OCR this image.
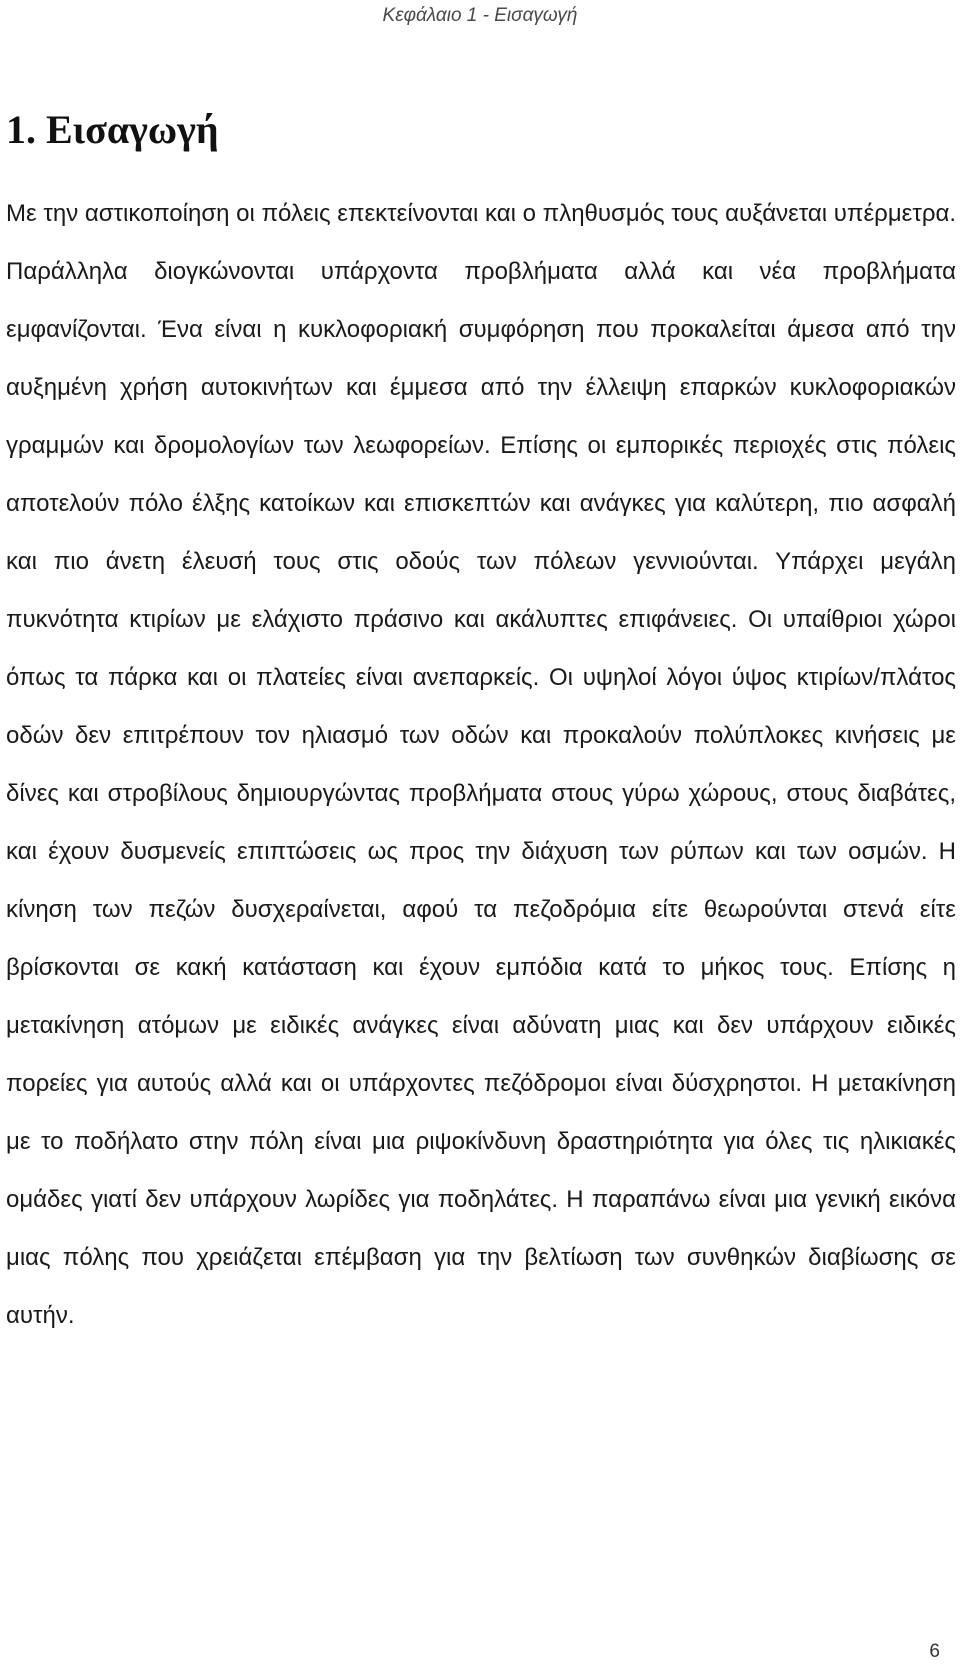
Κεφάλαιο 1 - Εισαγωγή
1. Εισαγωγή

Με την αστικοποίηση οι πόλεις επεκτείνονται και ο πληθυσμός τους αυξάνεται υπέρμετρα. Παράλληλα διογκώνονται υπάρχοντα προβλήματα αλλά και νέα προβλήματα εμφανίζονται. Ένα είναι η κυκλοφοριακή συμφόρηση που προκαλείται άμεσα από την αυξημένη χρήση αυτοκινήτων και έμμεσα από την έλλειψη επαρκών κυκλοφοριακών γραμμών και δρομολογίων των λεωφορείων. Επίσης οι εμπορικές περιοχές στις πόλεις αποτελούν πόλο έλξης κατοίκων και επισκεπτών και ανάγκες για καλύτερη, πιο ασφαλή και πιο άνετη έλευσή τους στις οδούς των πόλεων γεννιούνται. Υπάρχει μεγάλη πυκνότητα κτιρίων με ελάχιστο πράσινο και ακάλυπτες επιφάνειες. Οι υπαίθριοι χώροι όπως τα πάρκα και οι πλατείες είναι ανεπαρκείς. Οι υψηλοί λόγοι ύψος κτιρίων/πλάτος οδών δεν επιτρέπουν τον ηλιασμό των οδών και προκαλούν πολύπλοκες κινήσεις με δίνες και στροβίλους δημιουργώντας προβλήματα στους γύρω χώρους, στους διαβάτες, και έχουν δυσμενείς επιπτώσεις ως προς την διάχυση των ρύπων και των οσμών. Η κίνηση των πεζών δυσχεραίνεται, αφού τα πεζοδρόμια είτε θεωρούνται στενά είτε βρίσκονται σε κακή κατάσταση και έχουν εμπόδια κατά το μήκος τους. Επίσης η μετακίνηση ατόμων με ειδικές ανάγκες είναι αδύνατη μιας και δεν υπάρχουν ειδικές πορείες για αυτούς αλλά και οι υπάρχοντες πεζόδρομοι είναι δύσχρηστοι. Η μετακίνηση με το ποδήλατο στην πόλη είναι μια ριψοκίνδυνη δραστηριότητα για όλες τις ηλικιακές ομάδες γιατί δεν υπάρχουν λωρίδες για ποδηλάτες. Η παραπάνω είναι μια γενική εικόνα μιας πόλης που χρειάζεται επέμβαση για την βελτίωση των συνθηκών διαβίωσης σε αυτήν.

6
